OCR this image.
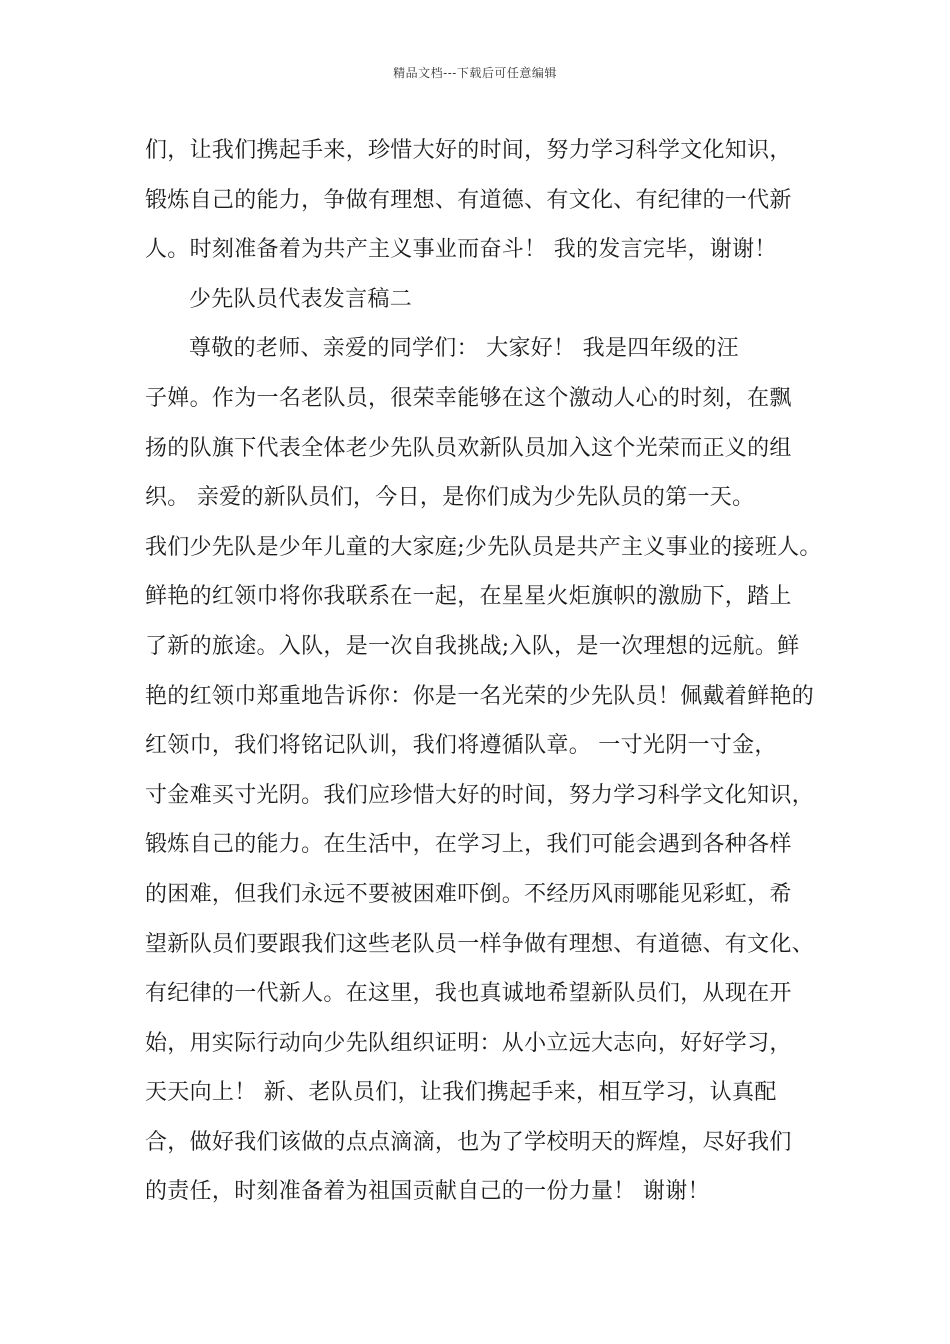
精品文档---下载后可任意编辑
们，让我们携起手来，珍惜大好的时间，努力学习科学文化知识，
锻炼自己的能力，争做有理想、有道德、有文化、有纪律的一代新
人。时刻准备着为共产主义事业而奋斗！ 我的发言完毕，谢谢！
少先队员代表发言稿二
尊敬的老师、亲爱的同学们： 大家好！ 我是四年级的汪
子婵。作为一名老队员，很荣幸能够在这个激动人心的时刻，在飘
扬的队旗下代表全体老少先队员欢新队员加入这个光荣而正义的组
织。 亲爱的新队员们，今日，是你们成为少先队员的第一天。
我们少先队是少年儿童的大家庭;少先队员是共产主义事业的接班人。
鲜艳的红领巾将你我联系在一起，在星星火炬旗帜的激励下，踏上
了新的旅途。入队，是一次自我挑战;入队，是一次理想的远航。鲜
艳的红领巾郑重地告诉你：你是一名光荣的少先队员！佩戴着鲜艳的
红领巾，我们将铭记队训，我们将遵循队章。 一寸光阴一寸金，
寸金难买寸光阴。我们应珍惜大好的时间，努力学习科学文化知识，
锻炼自己的能力。在生活中，在学习上，我们可能会遇到各种各样
的困难，但我们永远不要被困难吓倒。不经历风雨哪能见彩虹，希
望新队员们要跟我们这些老队员一样争做有理想、有道德、有文化、
有纪律的一代新人。在这里，我也真诚地希望新队员们，从现在开
始，用实际行动向少先队组织证明：从小立远大志向，好好学习，
天天向上！ 新、老队员们，让我们携起手来，相互学习，认真配
合，做好我们该做的点点滴滴，也为了学校明天的辉煌，尽好我们
的责任，时刻准备着为祖国贡献自己的一份力量！ 谢谢！
